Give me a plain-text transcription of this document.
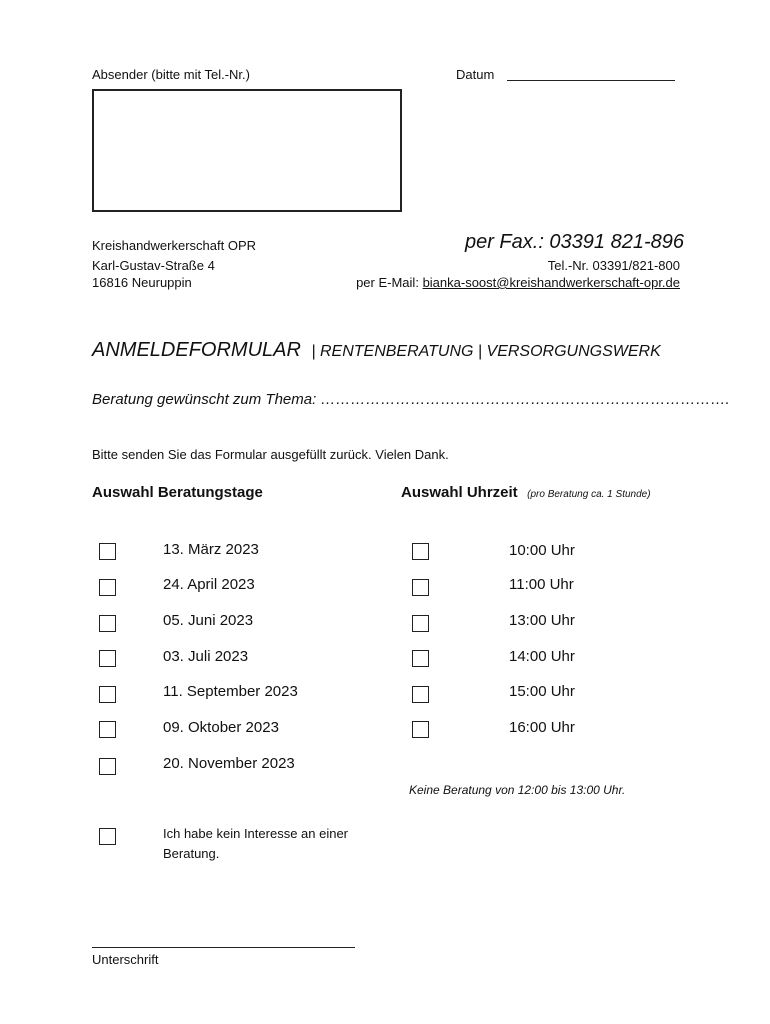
Absender (bitte mit Tel.-Nr.)	Datum
Kreishandwerkerschaft OPR
Karl-Gustav-Straße 4
16816 Neuruppin
per Fax.: 03391 821-896
Tel.-Nr. 03391/821-800
per E-Mail: bianka-soost@kreishandwerkerschaft-opr.de
ANMELDEFORMULAR | RENTENBERATUNG | VERSORGUNGSWERK
Beratung gewünscht zum Thema: ……………………………………………………………………….
Bitte senden Sie das Formular ausgefüllt zurück. Vielen Dank.
Auswahl Beratungstage	Auswahl Uhrzeit (pro Beratung ca. 1 Stunde)
13. März 2023
24. April 2023
05. Juni 2023
03. Juli 2023
11. September 2023
09. Oktober 2023
20. November 2023
10:00 Uhr
11:00 Uhr
13:00 Uhr
14:00 Uhr
15:00 Uhr
16:00 Uhr
Keine Beratung von 12:00 bis 13:00 Uhr.
Ich habe kein Interesse an einer Beratung.
Unterschrift
